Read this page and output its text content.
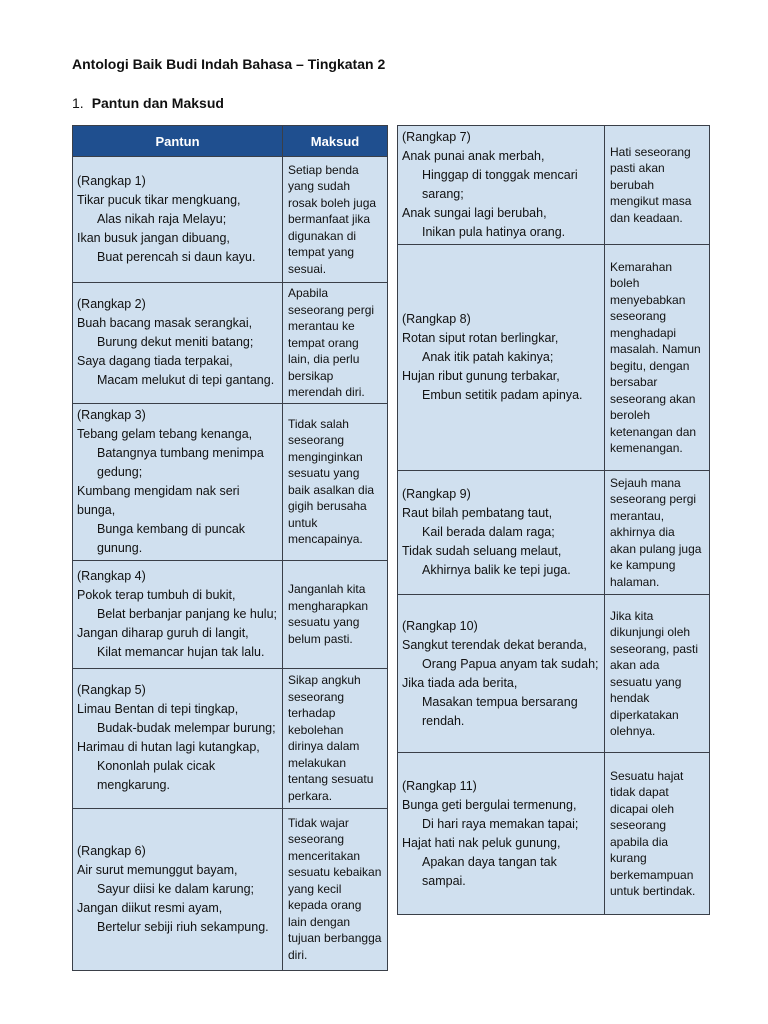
Antologi Baik Budi Indah Bahasa – Tingkatan 2
1. Pantun dan Maksud
Pantun	Maksud

(Rangkap 1)
Tikar pucuk tikar mengkuang,
Alas nikah raja Melayu;
Ikan busuk jangan dibuang,
Buat perencah si daun kayu.	Setiap benda yang sudah rosak boleh juga bermanfaat jika digunakan di tempat yang sesuai.

(Rangkap 2)
Buah bacang masak serangkai,
Burung dekut meniti batang;
Saya dagang tiada terpakai,
Macam melukut di tepi gantang.	Apabila seseorang pergi merantau ke tempat orang lain, dia perlu bersikap merendah diri.

(Rangkap 3)
Tebang gelam tebang kenanga,
Batangnya tumbang menimpa gedung;
Kumbang mengidam nak seri bunga,
Bunga kembang di puncak gunung.	Tidak salah seseorang menginginkan sesuatu yang baik asalkan dia gigih berusaha untuk mencapainya.

(Rangkap 4)
Pokok terap tumbuh di bukit,
Belat berbanjar panjang ke hulu;
Jangan diharap guruh di langit,
Kilat memancar hujan tak lalu.	Janganlah kita mengharapkan sesuatu yang belum pasti.

(Rangkap 5)
Limau Bentan di tepi tingkap,
Budak-budak melempar burung;
Harimau di hutan lagi kutangkap,
Kononlah pulak cicak mengkarung.	Sikap angkuh seseorang terhadap kebolehan dirinya dalam melakukan tentang sesuatu perkara.

(Rangkap 6)
Air surut memunggut bayam,
Sayur diisi ke dalam karung;
Jangan diikut resmi ayam,
Bertelur sebiji riuh sekampung.	Tidak wajar seseorang menceritakan sesuatu kebaikan yang kecil kepada orang lain dengan tujuan berbangga diri.
(Rangkap 7)
Anak punai anak merbah,
Hinggap di tonggak mencari sarang;
Anak sungai lagi berubah,
Inikan pula hatinya orang.	Hati seseorang pasti akan berubah mengikut masa dan keadaan.

(Rangkap 8)
Rotan siput rotan berlingkar,
Anak itik patah kakinya;
Hujan ribut gunung terbakar,
Embun setitik padam apinya.	Kemarahan boleh menyebabkan seseorang menghadapi masalah. Namun begitu, dengan bersabar seseorang akan beroleh ketenangan dan kemenangan.

(Rangkap 9)
Raut bilah pembatang taut,
Kail berada dalam raga;
Tidak sudah seluang melaut,
Akhirnya balik ke tepi juga.	Sejauh mana seseorang pergi merantau, akhirnya dia akan pulang juga ke kampung halaman.

(Rangkap 10)
Sangkut terendak dekat beranda,
Orang Papua anyam tak sudah;
Jika tiada ada berita,
Masakan tempua bersarang rendah.	Jika kita dikunjungi oleh seseorang, pasti akan ada sesuatu yang hendak diperkatakan olehnya.

(Rangkap 11)
Bunga geti bergulai termenung,
Di hari raya memakan tapai;
Hajat hati nak peluk gunung,
Apakan daya tangan tak sampai.	Sesuatu hajat tidak dapat dicapai oleh seseorang apabila dia kurang berkemampuan untuk bertindak.
